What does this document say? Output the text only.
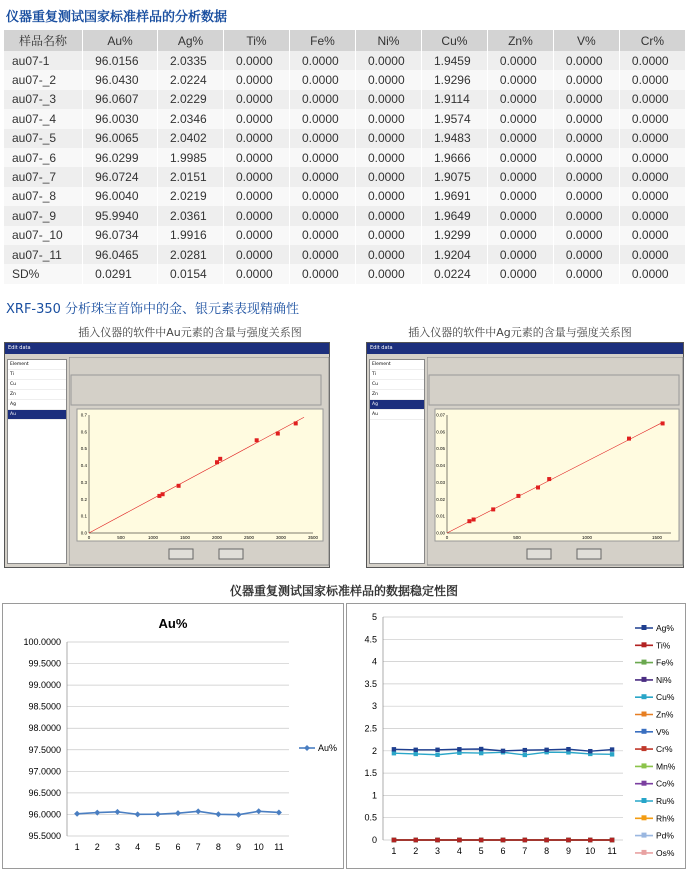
仪器重复测试国家标准样品的分析数据
样品名称	Au%	Ag%	Ti%	Fe%	Ni%	Cu%	Zn%	V%	Cr%
au07-1	96.0156	2.0335	0.0000	0.0000	0.0000	1.9459	0.0000	0.0000	0.0000
au07-_2	96.0430	2.0224	0.0000	0.0000	0.0000	1.9296	0.0000	0.0000	0.0000
au07-_3	96.0607	2.0229	0.0000	0.0000	0.0000	1.9114	0.0000	0.0000	0.0000
au07-_4	96.0030	2.0346	0.0000	0.0000	0.0000	1.9574	0.0000	0.0000	0.0000
au07-_5	96.0065	2.0402	0.0000	0.0000	0.0000	1.9483	0.0000	0.0000	0.0000
au07-_6	96.0299	1.9985	0.0000	0.0000	0.0000	1.9666	0.0000	0.0000	0.0000
au07-_7	96.0724	2.0151	0.0000	0.0000	0.0000	1.9075	0.0000	0.0000	0.0000
au07-_8	96.0040	2.0219	0.0000	0.0000	0.0000	1.9691	0.0000	0.0000	0.0000
au07-_9	95.9940	2.0361	0.0000	0.0000	0.0000	1.9649	0.0000	0.0000	0.0000
au07-_10	96.0734	1.9916	0.0000	0.0000	0.0000	1.9299	0.0000	0.0000	0.0000
au07-_11	96.0465	2.0281	0.0000	0.0000	0.0000	1.9204	0.0000	0.0000	0.0000
SD%	0.0291	0.0154	0.0000	0.0000	0.0000	0.0224	0.0000	0.0000	0.0000
XRF-350 分析珠宝首饰中的金、银元素表现精确性
插入仪器的软件中Au元素的含量与强度关系图	插入仪器的软件中Ag元素的含量与强度关系图
Edit data
Element
Ti
Cu
Zn
Ag
Au
0	500	1000	1500	2000	2500	3000	3500
0.0
0.1
0.2
0.3
0.4
0.5
0.6
0.7
Edit data
Element
Ti
Cu
Zn
Ag
Au
0	500	1000	1500
0.00
0.01
0.02
0.03
0.04
0.05
0.06
0.07
仪器重复测试国家标准样品的数据稳定性图
Au%
95.5000
96.0000
96.5000
97.0000
97.5000
98.0000
98.5000
99.0000
99.5000
100.0000
1 2 3 4 5 6 7 8 9 10 11
Au%
0
0.5
1
1.5
2
2.5
3
3.5
4
4.5
5
1 2 3 4 5 6 7 8 9 10 11
Ag%
Ti%
Fe%
Ni%
Cu%
Zn%
V%
Cr%
Mn%
Co%
Ru%
Rh%
Pd%
Os%
